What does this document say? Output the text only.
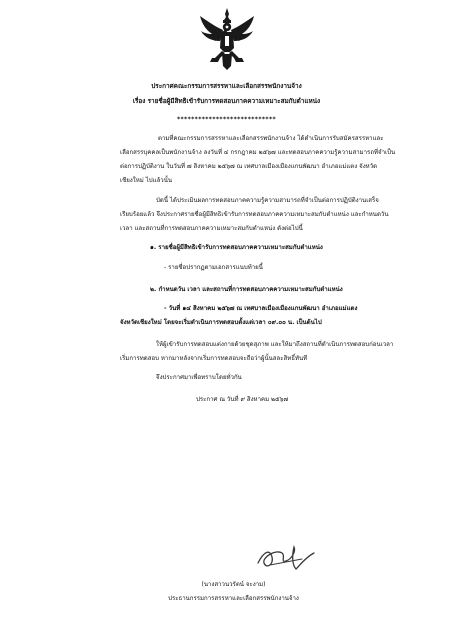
ประกาศคณะกรรมการสรรหาและเลือกสรรพนักงานจ้าง
เรื่อง รายชื่อผู้มีสิทธิเข้ารับการทดสอบภาคความเหมาะสมกับตำแหน่ง
****************************
ตามที่คณะกรรมการสรรหาและเลือกสรรพนักงานจ้าง ได้ดำเนินการรับสมัครสรรหาและ
เลือกสรรบุคคลเป็นพนักงานจ้าง ลงวันที่ ๔ กรกฎาคม ๒๕๖๗ และทดสอบภาคความรู้ความสามารถที่จำเป็น
ต่อการปฏิบัติงาน ในวันที่ ๗ สิงหาคม ๒๕๖๗ ณ เทศบาลเมืองเมืองแกนพัฒนา อำเภอแม่แตง จังหวัด
เชียงใหม่ ไปแล้วนั้น
บัดนี้ ได้ประเมินผลการทดสอบภาคความรู้ความสามารถที่จำเป็นต่อการปฏิบัติงานเสร็จ
เรียบร้อยแล้ว จึงประกาศรายชื่อผู้มีสิทธิเข้ารับการทดสอบภาคความเหมาะสมกับตำแหน่ง และกำหนดวัน
เวลา และสถานที่การทดสอบภาคความเหมาะสมกับตำแหน่ง ดังต่อไปนี้
๑. รายชื่อผู้มีสิทธิเข้ารับการทดสอบภาคความเหมาะสมกับตำแหน่ง
- รายชื่อปรากฏตามเอกสารแนบท้ายนี้
๒. กำหนดวัน เวลา และสถานที่การทดสอบภาคความเหมาะสมกับตำแหน่ง
- วันที่ ๑๔ สิงหาคม ๒๕๖๗ ณ เทศบาลเมืองเมืองแกนพัฒนา อำเภอแม่แตง
จังหวัดเชียงใหม่ โดยจะเริ่มดำเนินการทดสอบตั้งแต่เวลา ๐๙.๐๐ น. เป็นต้นไป
ให้ผู้เข้ารับการทดสอบแต่งกายด้วยชุดสุภาพ และให้มาถึงสถานที่ดำเนินการทดสอบก่อนเวลา
เริ่มการทดสอบ หากมาหลังจากเริ่มการทดสอบจะถือว่าผู้นั้นสละสิทธิ์ทันที
จึงประกาศมาเพื่อทราบโดยทั่วกัน
ประกาศ ณ วันที่ ๙ สิงหาคม ๒๕๖๗
(นางสาวนวรัตน์ จะงาม)
ประธานกรรมการสรรหาและเลือกสรรพนักงานจ้าง
